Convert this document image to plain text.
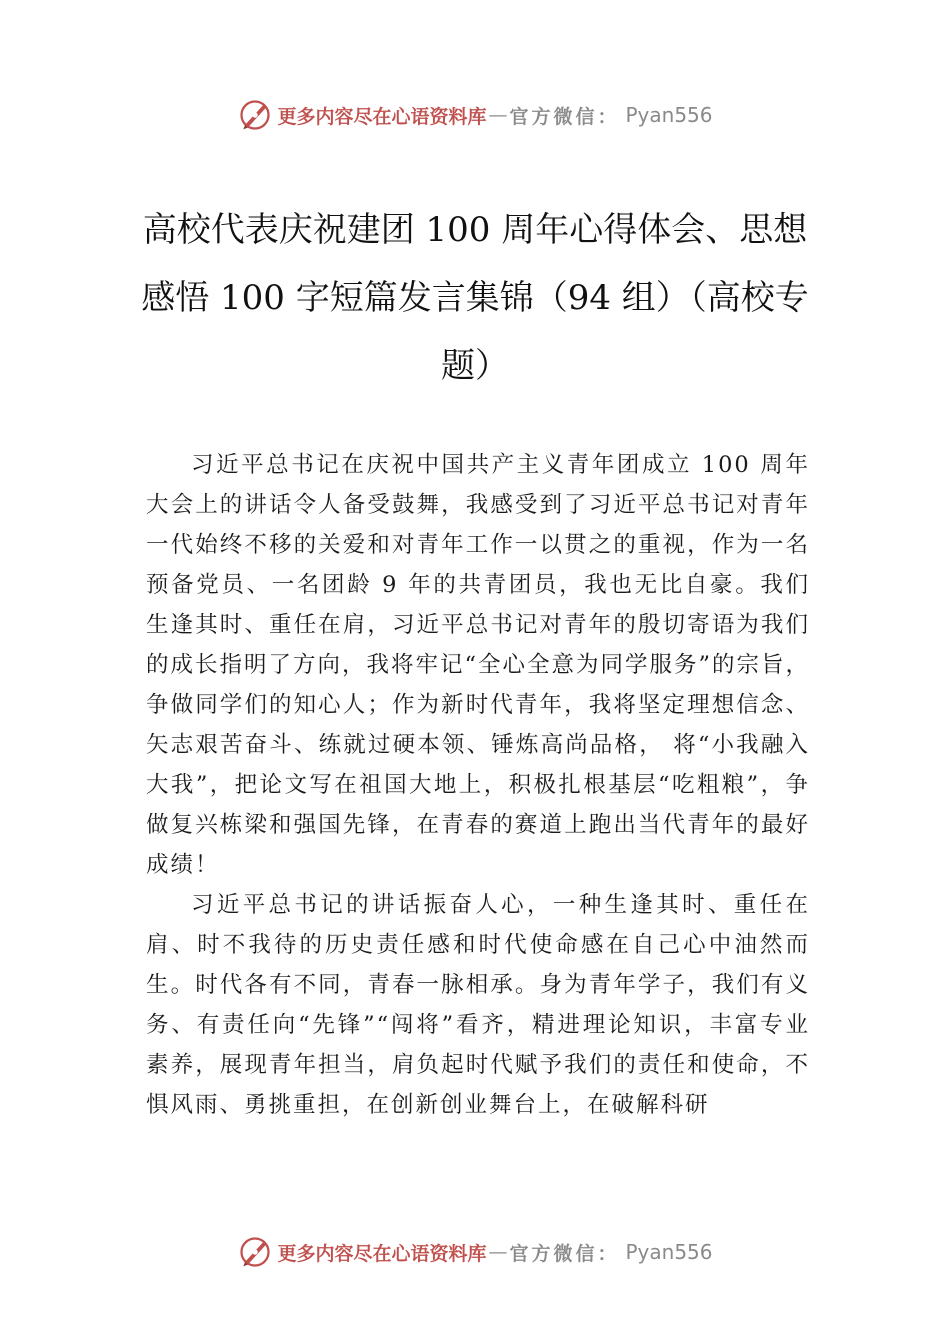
更多内容尽在心语资料库 — 官方微信： Pyan556
高校代表庆祝建团 100 周年心得体会、思想感悟 100 字短篇发言集锦（94 组）（高校专题）

习近平总书记在庆祝中国共产主义青年团成立 100 周年大会上的讲话令人备受鼓舞，我感受到了习近平总书记对青年一代始终不移的关爱和对青年工作一以贯之的重视，作为一名预备党员、一名团龄 9 年的共青团员，我也无比自豪。我们生逢其时、重任在肩，习近平总书记对青年的殷切寄语为我们的成长指明了方向，我将牢记“全心全意为同学服务”的宗旨，争做同学们的知心人；作为新时代青年，我将坚定理想信念、矢志艰苦奋斗、练就过硬本领、锤炼高尚品格， 将“小我融入大我”，把论文写在祖国大地上，积极扎根基层“吃粗粮”，争做复兴栋梁和强国先锋，在青春的赛道上跑出当代青年的最好成绩！

习近平总书记的讲话振奋人心，一种生逢其时、重任在肩、时不我待的历史责任感和时代使命感在自己心中油然而生。时代各有不同，青春一脉相承。身为青年学子，我们有义务、有责任向“先锋”“闯将”看齐，精进理论知识，丰富专业素养，展现青年担当，肩负起时代赋予我们的责任和使命，不惧风雨、勇挑重担，在创新创业舞台上，在破解科研

更多内容尽在心语资料库 — 官方微信： Pyan556
